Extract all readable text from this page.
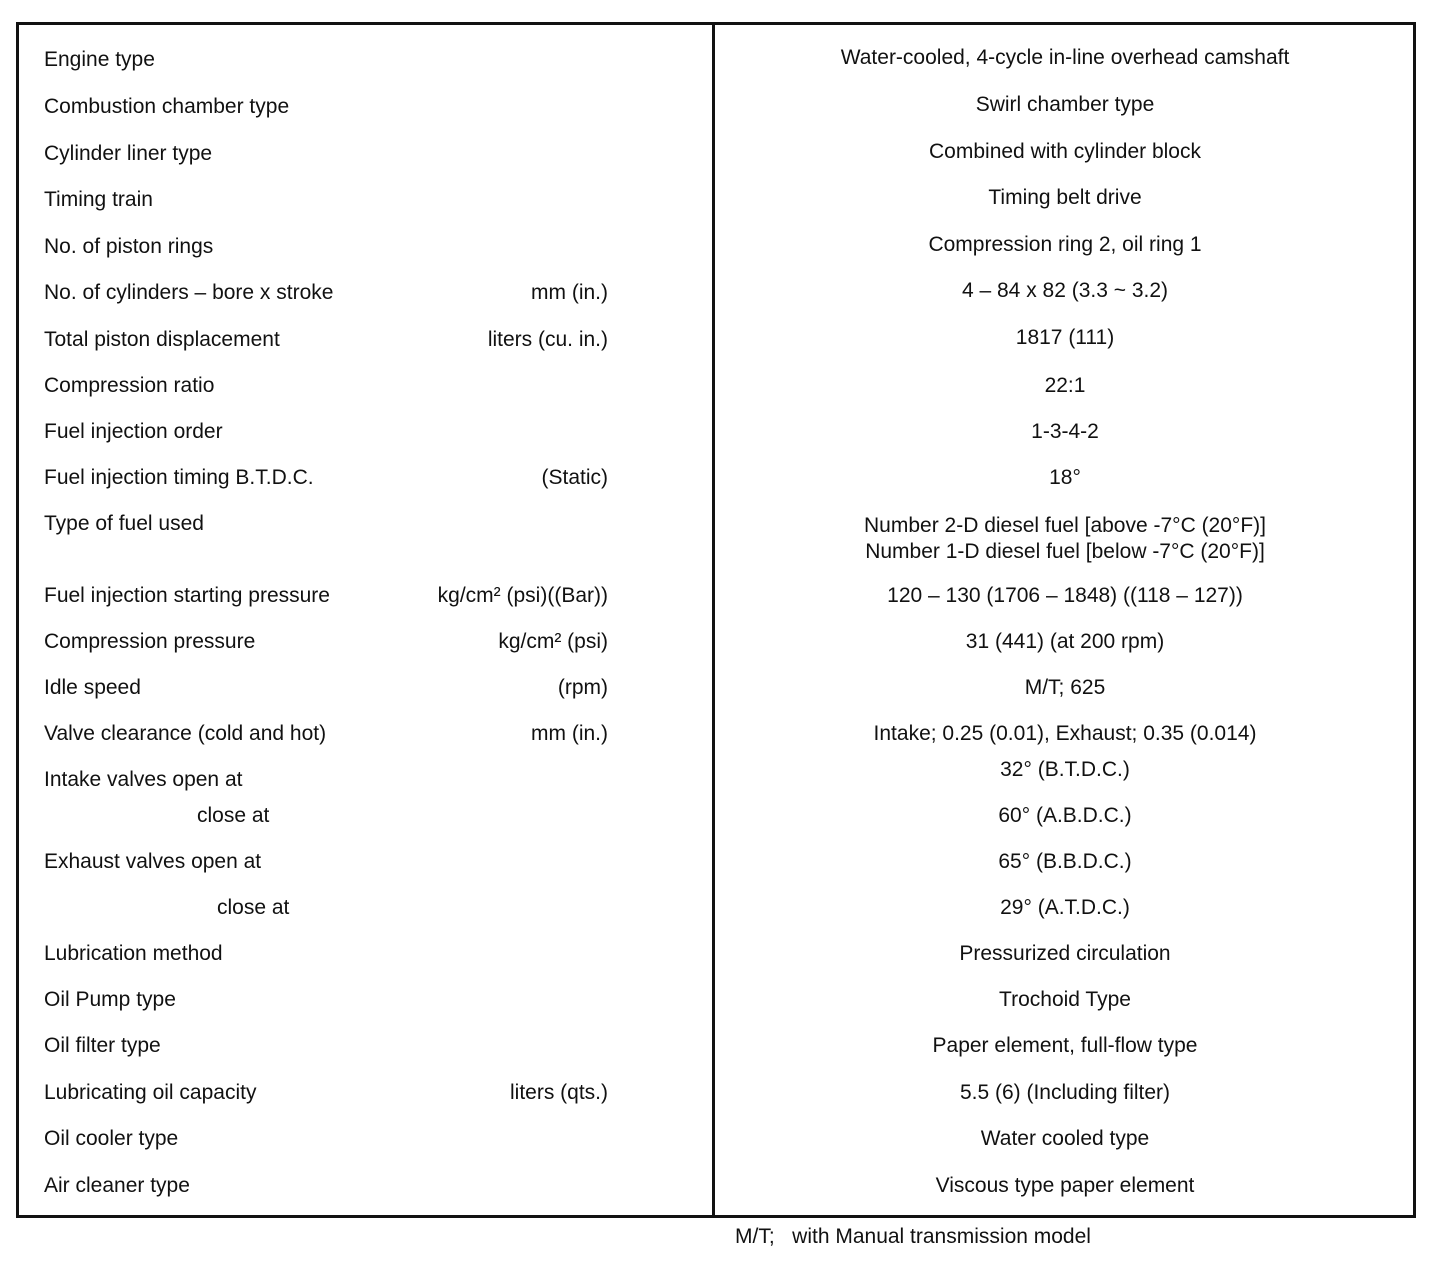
Engine type	Water-cooled, 4-cycle in-line overhead camshaft
Combustion chamber type	Swirl chamber type
Cylinder liner type	Combined with cylinder block
Timing train	Timing belt drive
No. of piston rings	Compression ring 2, oil ring 1
No. of cylinders – bore x stroke	mm (in.)	4 – 84 x 82 (3.3 ~ 3.2)
Total piston displacement	liters (cu. in.)	1817 (111)
Compression ratio	22:1
Fuel injection order	1-3-4-2
Fuel injection timing B.T.D.C.	(Static)	18°
Type of fuel used	Number 2-D diesel fuel [above -7°C (20°F)]
Number 1-D diesel fuel [below -7°C (20°F)]
Fuel injection starting pressure	kg/cm² (psi)((Bar))	120 – 130 (1706 – 1848) ((118 – 127))
Compression pressure	kg/cm² (psi)	31 (441) (at 200 rpm)
Idle speed	(rpm)	M/T; 625
Valve clearance (cold and hot)	mm (in.)	Intake; 0.25 (0.01), Exhaust; 0.35 (0.014)
Intake valves open at	32° (B.T.D.C.)
close at	60° (A.B.D.C.)
Exhaust valves open at	65° (B.B.D.C.)
close at	29° (A.T.D.C.)
Lubrication method	Pressurized circulation
Oil Pump type	Trochoid Type
Oil filter type	Paper element, full-flow type
Lubricating oil capacity	liters (qts.)	5.5 (6) (Including filter)
Oil cooler type	Water cooled type
Air cleaner type	Viscous type paper element
M/T;   with Manual transmission model
